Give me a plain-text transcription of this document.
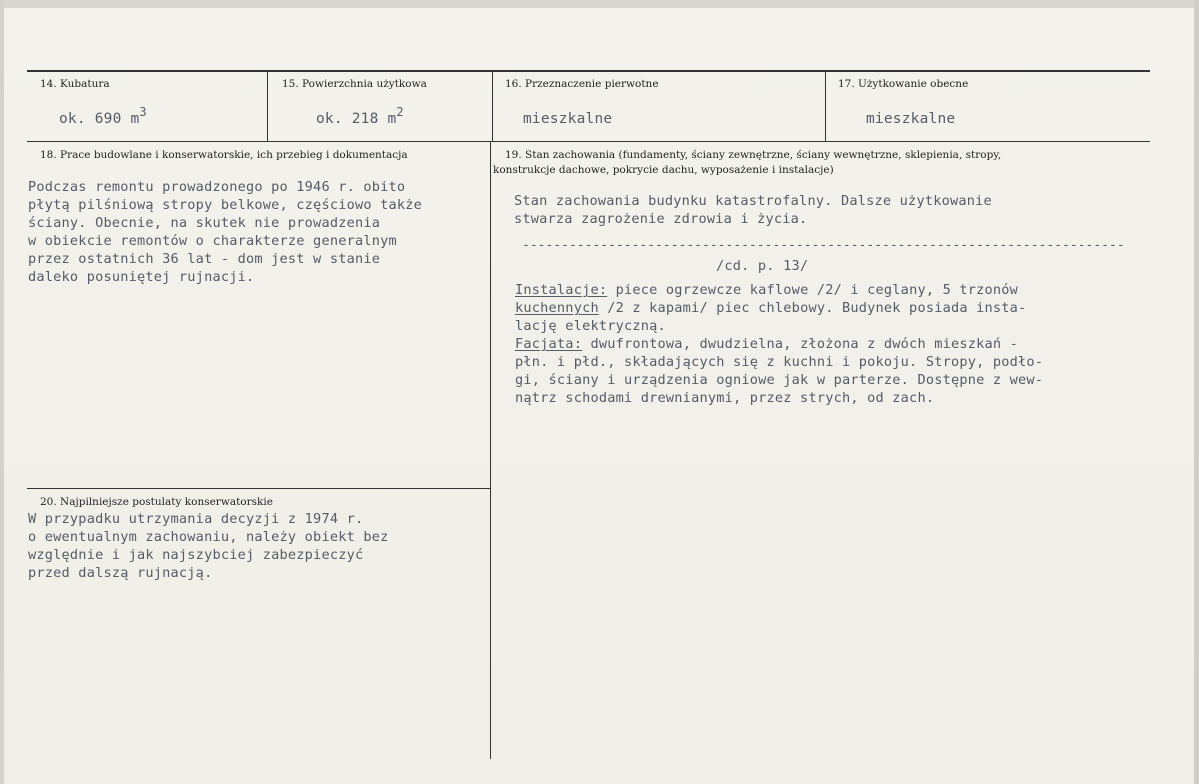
14. Kubatura
ok. 690 $m^3$
15. Powierzchnia użytkowa
ok. 218 $m^2$
16. Przeznaczenie pierwotne
mieszkalne
17. Użytkowanie obecne
mieszkalne
18. Prace budowlane i konserwatorskie, ich przebieg i dokumentacja
Podczas remontu prowadzonego po 1946 r. obito
płytą pilśniową stropy belkowe, częściowo także
ściany. Obecnie, na skutek nie prowadzenia
w obiekcie remontów o charakterze generalnym
przez ostatnich 36 lat - dom jest w stanie
daleko posuniętej rujnacji.
19. Stan zachowania (fundamenty, ściany zewnętrzne, ściany wewnętrzne, sklepienia, stropy,
konstrukcje dachowe, pokrycie dachu, wyposażenie i instalacje)
Stan zachowania budynku katastrofalny. Dalsze użytkowanie
stwarza zagrożenie zdrowia i życia.
-----------------------------------------------------------------------------
/cd. p. 13/
Instalacje: piece ogrzewcze kaflowe /2/ i ceglany, 5 trzonów
kuchennych /2 z kapami/ piec chlebowy. Budynek posiada insta-
lację elektryczną.
Facjata: dwufrontowa, dwudzielna, złożona z dwóch mieszkań -
płn. i płd., składających się z kuchni i pokoju. Stropy, podło-
gi, ściany i urządzenia ogniowe jak w parterze. Dostępne z wew-
nątrz schodami drewnianymi, przez strych, od zach.
20. Najpilniejsze postulaty konserwatorskie
W przypadku utrzymania decyzji z 1974 r.
o ewentualnym zachowaniu, należy obiekt bez
względnie i jak najszybciej zabezpieczyć
przed dalszą rujnacją.
